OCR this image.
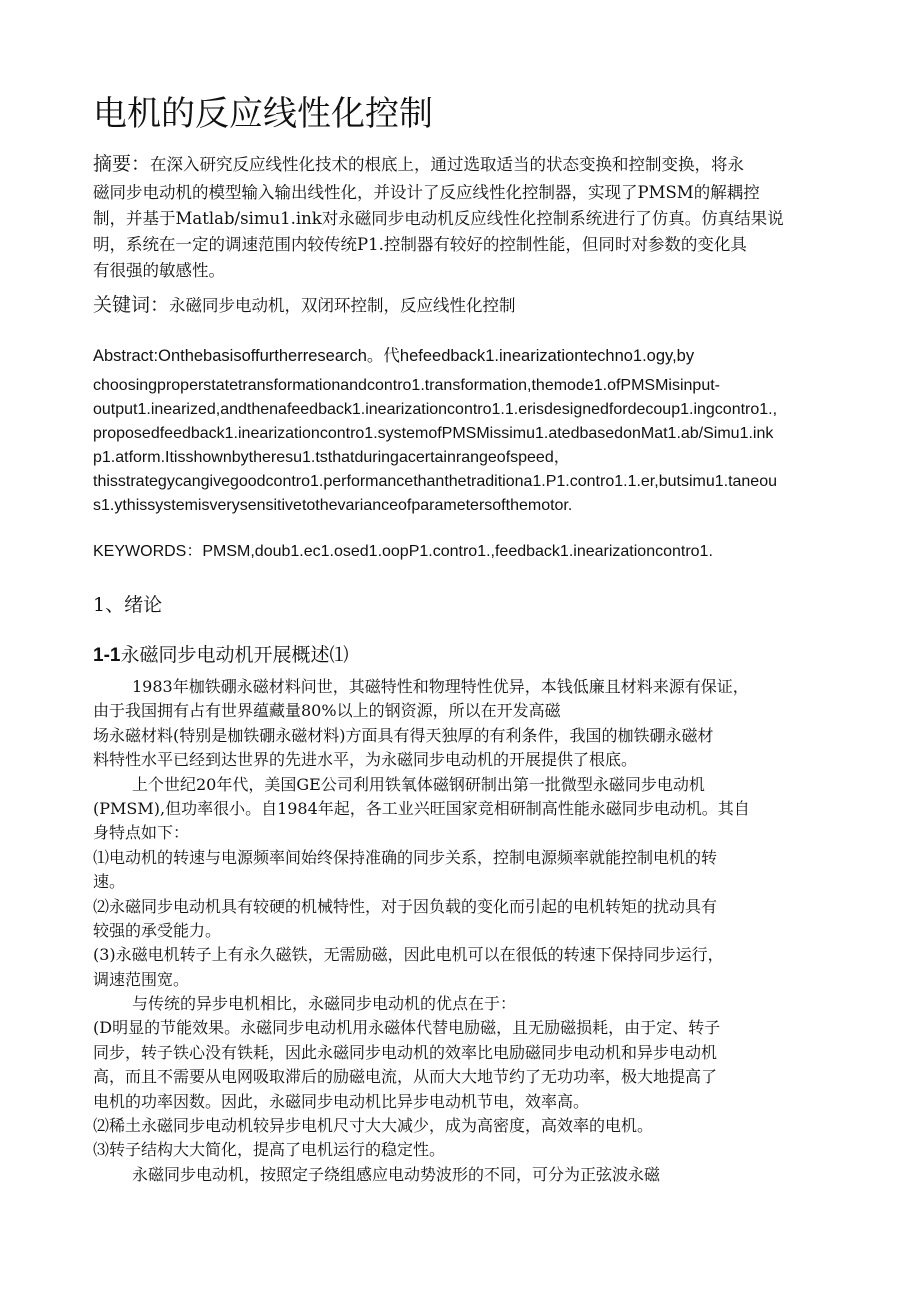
电机的反应线性化控制
摘要：在深入研究反应线性化技术的根底上，通过选取适当的状态变换和控制变换，将永
磁同步电动机的模型输入输出线性化，并设计了反应线性化控制器，实现了PMSM的解耦控
制，并基于Matlab/simu1.ink对永磁同步电动机反应线性化控制系统进行了仿真。仿真结果说
明，系统在一定的调速范围内较传统P1.控制器有较好的控制性能，但同时对参数的变化具
有很强的敏感性。
关键词：永磁同步电动机，双闭环控制，反应线性化控制
Abstract:Onthebasisoffurtherresearch。代hefeedback1.inearizationtechno1.ogy,by
choosingproperstatetransformationandcontro1.transformation,themode1.ofPMSMisinput-
output1.inearized,andthenafeedback1.inearizationcontro1.1.erisdesignedfordecoup1.ingcontro1.,
proposedfeedback1.inearizationcontro1.systemofPMSMissimu1.atedbasedonMat1.ab/Simu1.ink
p1.atform.Itisshownbytheresu1.tsthatduringacertainrangeofspeed，
thisstrategycangivegoodcontro1.performancethanthetraditiona1.P1.contro1.1.er,butsimu1.taneou
s1.ythissystemisverysensitivetothevarianceofparametersofthemotor.
KEYWORDS：PMSM,doub1.ec1.osed1.oopP1.contro1.,feedback1.inearizationcontro1.
1、绪论
1-1永磁同步电动机开展概述⑴
1983年枷铁硼永磁材料问世，其磁特性和物理特性优异，本钱低廉且材料来源有保证，
由于我国拥有占有世界蕴藏量80%以上的钢资源，所以在开发高磁
场永磁材料(特别是枷铁硼永磁材料)方面具有得天独厚的有利条件，我国的枷铁硼永磁材
料特性水平已经到达世界的先进水平，为永磁同步电动机的开展提供了根底。
上个世纪20年代，美国GE公司利用铁氧体磁钢研制出第一批微型永磁同步电动机
(PMSM),但功率很小。自1984年起，各工业兴旺国家竞相研制高性能永磁同步电动机。其自
身特点如下：
⑴电动机的转速与电源频率间始终保持准确的同步关系，控制电源频率就能控制电机的转
速。
⑵永磁同步电动机具有较硬的机械特性，对于因负载的变化而引起的电机转矩的扰动具有
较强的承受能力。
(3)永磁电机转子上有永久磁铁，无需励磁，因此电机可以在很低的转速下保持同步运行，
调速范围宽。
与传统的异步电机相比，永磁同步电动机的优点在于：
(D明显的节能效果。永磁同步电动机用永磁体代替电励磁，且无励磁损耗，由于定、转子
同步，转子铁心没有铁耗，因此永磁同步电动机的效率比电励磁同步电动机和异步电动机
高，而且不需要从电网吸取滞后的励磁电流，从而大大地节约了无功功率，极大地提高了
电机的功率因数。因此，永磁同步电动机比异步电动机节电，效率高。
⑵稀土永磁同步电动机较异步电机尺寸大大减少，成为高密度，高效率的电机。
⑶转子结构大大简化，提高了电机运行的稳定性。
永磁同步电动机，按照定子绕组感应电动势波形的不同，可分为正弦波永磁
